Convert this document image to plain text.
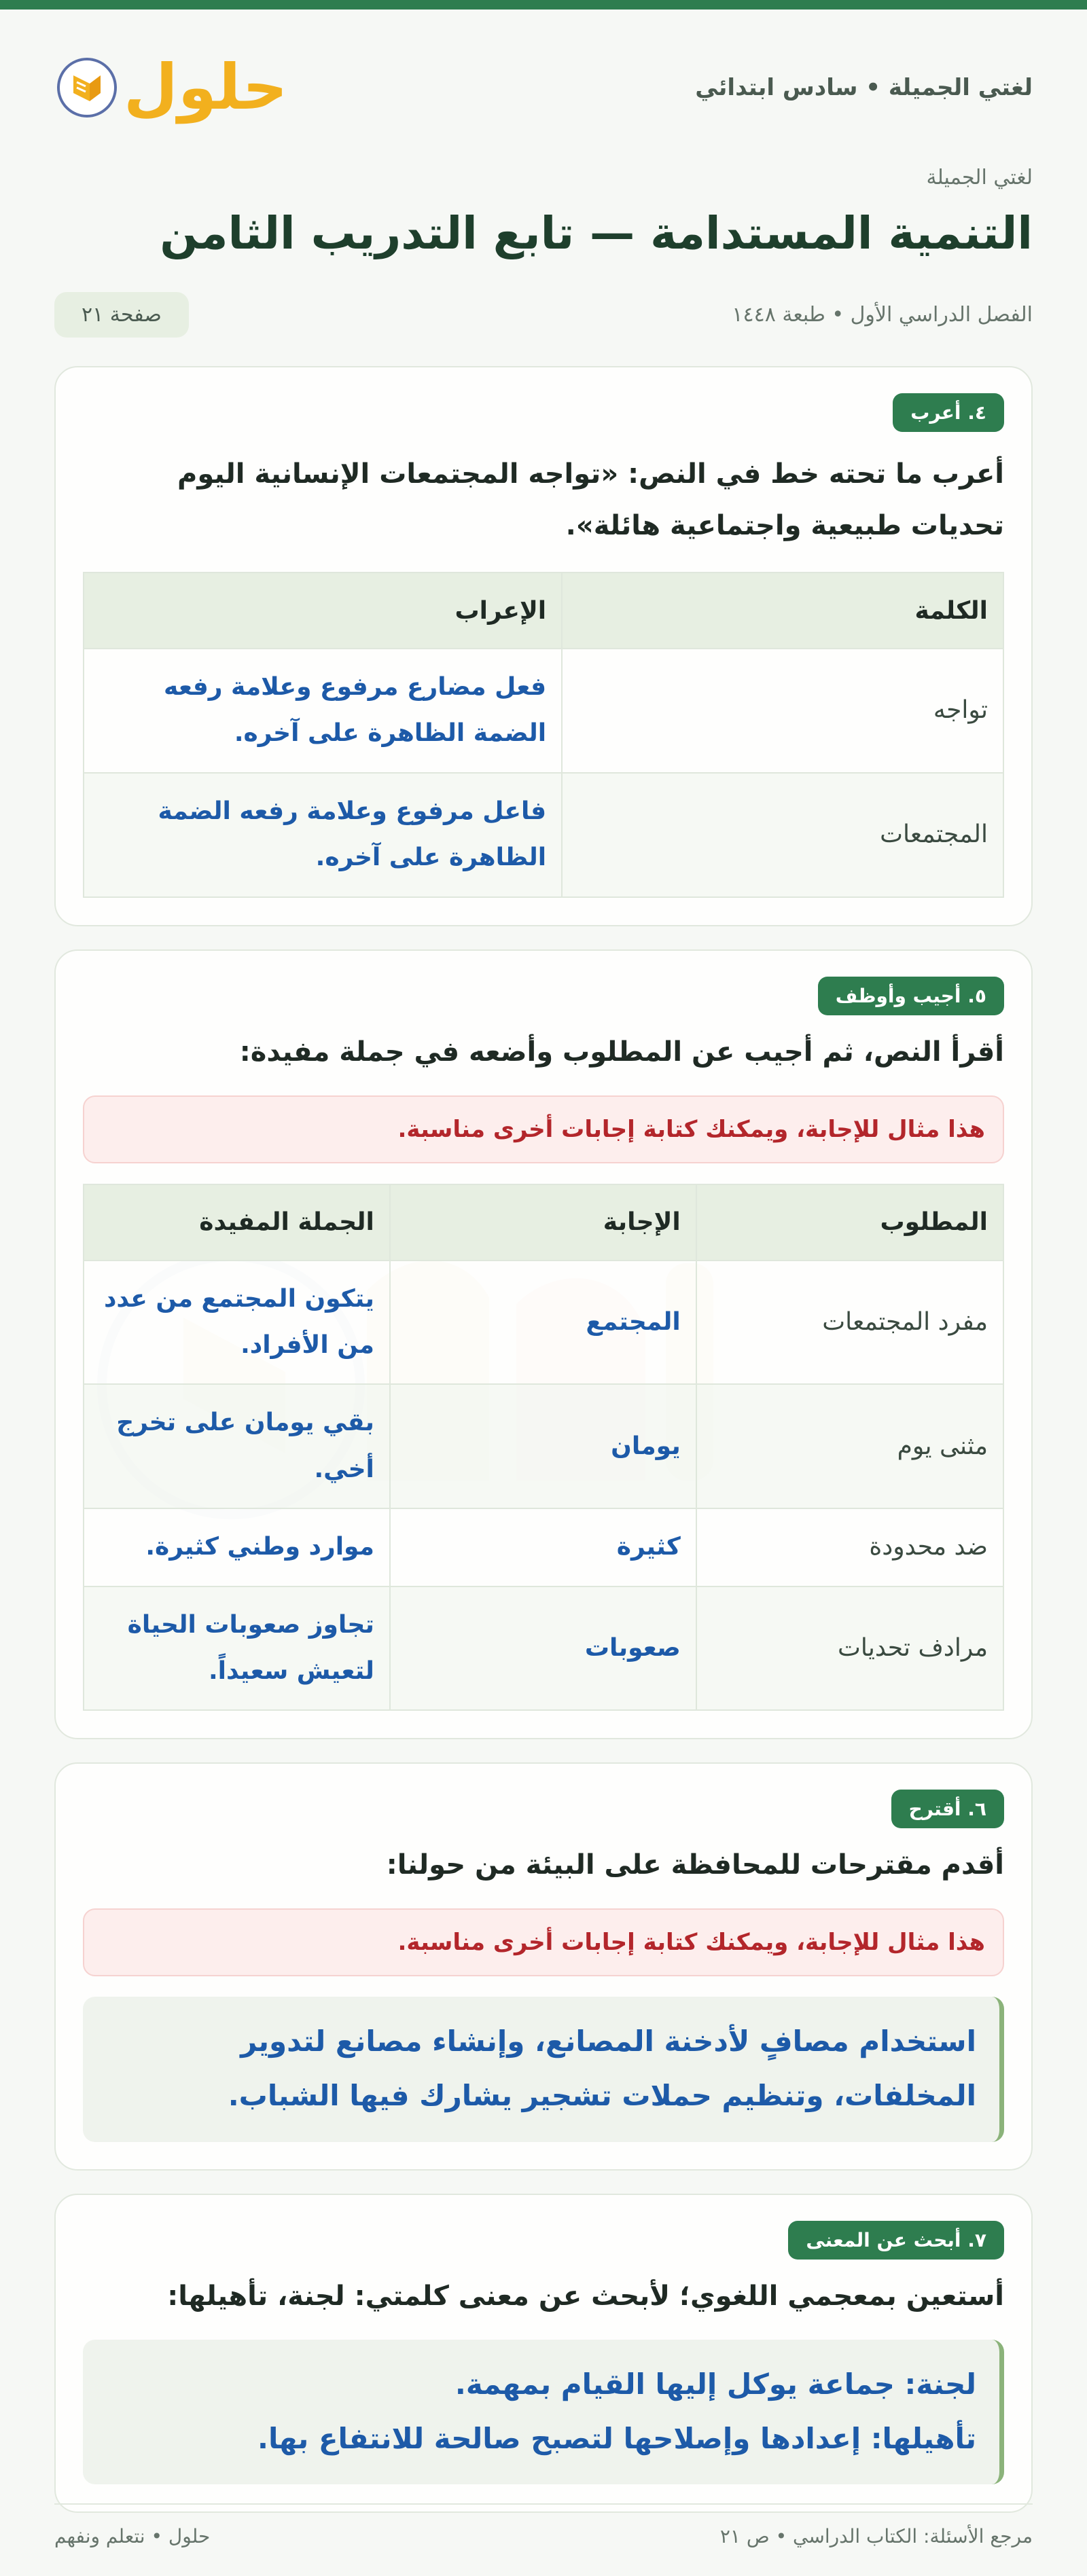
لغتي الجميلة • سادس ابتدائي
حلول
لغتي الجميلة
التنمية المستدامة — تابع التدريب الثامن
الفصل الدراسي الأول • طبعة ١٤٤٨
صفحة ٢١
٤. أعرب

أعرب ما تحته خط في النص: «تواجه المجتمعات الإنسانية اليوم تحديات طبيعية واجتماعية هائلة».

الكلمة	الإعراب
تواجه	فعل مضارع مرفوع وعلامة رفعه الضمة الظاهرة على آخره.
المجتمعات	فاعل مرفوع وعلامة رفعه الضمة الظاهرة على آخره.
٥. أجيب وأوظف

أقرأ النص، ثم أجيب عن المطلوب وأضعه في جملة مفيدة:

هذا مثال للإجابة، ويمكنك كتابة إجابات أخرى مناسبة.
المطلوب	الإجابة	الجملة المفيدة
مفرد المجتمعات	المجتمع	يتكون المجتمع من عدد من الأفراد.
مثنى يوم	يومان	بقي يومان على تخرج أخي.
ضد محدودة	كثيرة	موارد وطني كثيرة.
مرادف تحديات	صعوبات	تجاوز صعوبات الحياة لتعيش سعيداً.
٦. أقترح

أقدم مقترحات للمحافظة على البيئة من حولنا:

هذا مثال للإجابة، ويمكنك كتابة إجابات أخرى مناسبة.
استخدام مصافٍ لأدخنة المصانع، وإنشاء مصانع لتدوير المخلفات، وتنظيم حملات تشجير يشارك فيها الشباب.
٧. أبحث عن المعنى

أستعين بمعجمي اللغوي؛ لأبحث عن معنى كلمتي: لجنة، تأهيلها:

لجنة: جماعة يوكل إليها القيام بمهمة.
تأهيلها: إعدادها وإصلاحها لتصبح صالحة للانتفاع بها.
مرجع الأسئلة: الكتاب الدراسي • ص ٢١
حلول • نتعلم ونفهم
